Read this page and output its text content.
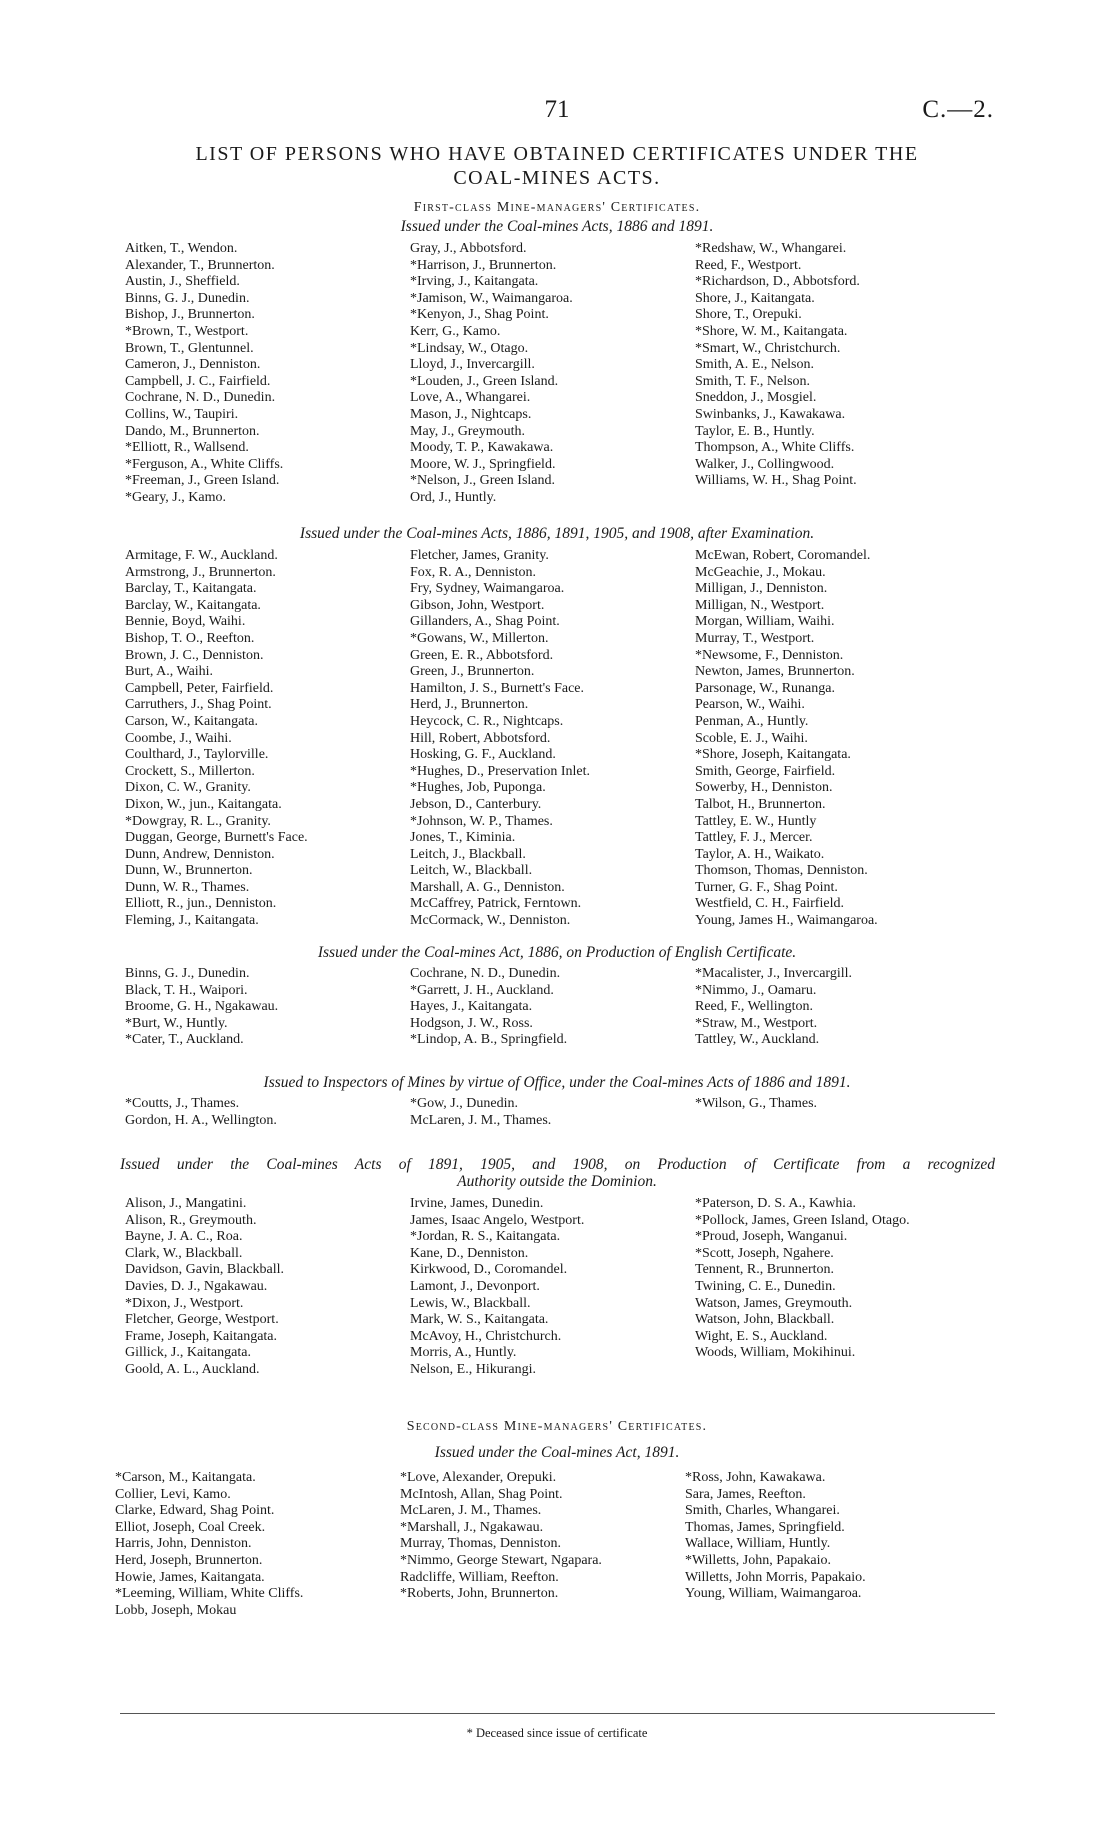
71	C.—2.
LIST OF PERSONS WHO HAVE OBTAINED CERTIFICATES UNDER THE
COAL-MINES ACTS.
First-class Mine-managers' Certificates.
Issued under the Coal-mines Acts, 1886 and 1891.
Aitken, T., Wendon.
Alexander, T., Brunnerton.
Austin, J., Sheffield.
Binns, G. J., Dunedin.
Bishop, J., Brunnerton.
*Brown, T., Westport.
Brown, T., Glentunnel.
Cameron, J., Denniston.
Campbell, J. C., Fairfield.
Cochrane, N. D., Dunedin.
Collins, W., Taupiri.
Dando, M., Brunnerton.
*Elliott, R., Wallsend.
*Ferguson, A., White Cliffs.
*Freeman, J., Green Island.
*Geary, J., Kamo.
Gray, J., Abbotsford.
*Harrison, J., Brunnerton.
*Irving, J., Kaitangata.
*Jamison, W., Waimangaroa.
*Kenyon, J., Shag Point.
Kerr, G., Kamo.
*Lindsay, W., Otago.
Lloyd, J., Invercargill.
*Louden, J., Green Island.
Love, A., Whangarei.
Mason, J., Nightcaps.
May, J., Greymouth.
Moody, T. P., Kawakawa.
Moore, W. J., Springfield.
*Nelson, J., Green Island.
Ord, J., Huntly.
*Redshaw, W., Whangarei.
Reed, F., Westport.
*Richardson, D., Abbotsford.
Shore, J., Kaitangata.
Shore, T., Orepuki.
*Shore, W. M., Kaitangata.
*Smart, W., Christchurch.
Smith, A. E., Nelson.
Smith, T. F., Nelson.
Sneddon, J., Mosgiel.
Swinbanks, J., Kawakawa.
Taylor, E. B., Huntly.
Thompson, A., White Cliffs.
Walker, J., Collingwood.
Williams, W. H., Shag Point.
Issued under the Coal-mines Acts, 1886, 1891, 1905, and 1908, after Examination.
Armitage, F. W., Auckland.
Armstrong, J., Brunnerton.
Barclay, T., Kaitangata.
Barclay, W., Kaitangata.
Bennie, Boyd, Waihi.
Bishop, T. O., Reefton.
Brown, J. C., Denniston.
Burt, A., Waihi.
Campbell, Peter, Fairfield.
Carruthers, J., Shag Point.
Carson, W., Kaitangata.
Coombe, J., Waihi.
Coulthard, J., Taylorville.
Crockett, S., Millerton.
Dixon, C. W., Granity.
Dixon, W., jun., Kaitangata.
*Dowgray, R. L., Granity.
Duggan, George, Burnett's Face.
Dunn, Andrew, Denniston.
Dunn, W., Brunnerton.
Dunn, W. R., Thames.
Elliott, R., jun., Denniston.
Fleming, J., Kaitangata.
Fletcher, James, Granity.
Fox, R. A., Denniston.
Fry, Sydney, Waimangaroa.
Gibson, John, Westport.
Gillanders, A., Shag Point.
*Gowans, W., Millerton.
Green, E. R., Abbotsford.
Green, J., Brunnerton.
Hamilton, J. S., Burnett's Face.
Herd, J., Brunnerton.
Heycock, C. R., Nightcaps.
Hill, Robert, Abbotsford.
Hosking, G. F., Auckland.
*Hughes, D., Preservation Inlet.
*Hughes, Job, Puponga.
Jebson, D., Canterbury.
*Johnson, W. P., Thames.
Jones, T., Kiminia.
Leitch, J., Blackball.
Leitch, W., Blackball.
Marshall, A. G., Denniston.
McCaffrey, Patrick, Ferntown.
McCormack, W., Denniston.
McEwan, Robert, Coromandel.
McGeachie, J., Mokau.
Milligan, J., Denniston.
Milligan, N., Westport.
Morgan, William, Waihi.
Murray, T., Westport.
*Newsome, F., Denniston.
Newton, James, Brunnerton.
Parsonage, W., Runanga.
Pearson, W., Waihi.
Penman, A., Huntly.
Scoble, E. J., Waihi.
*Shore, Joseph, Kaitangata.
Smith, George, Fairfield.
Sowerby, H., Denniston.
Talbot, H., Brunnerton.
Tattley, E. W., Huntly
Tattley, F. J., Mercer.
Taylor, A. H., Waikato.
Thomson, Thomas, Denniston.
Turner, G. F., Shag Point.
Westfield, C. H., Fairfield.
Young, James H., Waimangaroa.
Issued under the Coal-mines Act, 1886, on Production of English Certificate.
Binns, G. J., Dunedin.
Black, T. H., Waipori.
Broome, G. H., Ngakawau.
*Burt, W., Huntly.
*Cater, T., Auckland.
Cochrane, N. D., Dunedin.
*Garrett, J. H., Auckland.
Hayes, J., Kaitangata.
Hodgson, J. W., Ross.
*Lindop, A. B., Springfield.
*Macalister, J., Invercargill.
*Nimmo, J., Oamaru.
Reed, F., Wellington.
*Straw, M., Westport.
Tattley, W., Auckland.
Issued to Inspectors of Mines by virtue of Office, under the Coal-mines Acts of 1886 and 1891.
*Coutts, J., Thames.
Gordon, H. A., Wellington.
*Gow, J., Dunedin.
McLaren, J. M., Thames.
*Wilson, G., Thames.
Issued under the Coal-mines Acts of 1891, 1905, and 1908, on Production of Certificate from a recognized
Authority outside the Dominion.
Alison, J., Mangatini.
Alison, R., Greymouth.
Bayne, J. A. C., Roa.
Clark, W., Blackball.
Davidson, Gavin, Blackball.
Davies, D. J., Ngakawau.
*Dixon, J., Westport.
Fletcher, George, Westport.
Frame, Joseph, Kaitangata.
Gillick, J., Kaitangata.
Goold, A. L., Auckland.
Irvine, James, Dunedin.
James, Isaac Angelo, Westport.
*Jordan, R. S., Kaitangata.
Kane, D., Denniston.
Kirkwood, D., Coromandel.
Lamont, J., Devonport.
Lewis, W., Blackball.
Mark, W. S., Kaitangata.
McAvoy, H., Christchurch.
Morris, A., Huntly.
Nelson, E., Hikurangi.
*Paterson, D. S. A., Kawhia.
*Pollock, James, Green Island, Otago.
*Proud, Joseph, Wanganui.
*Scott, Joseph, Ngahere.
Tennent, R., Brunnerton.
Twining, C. E., Dunedin.
Watson, James, Greymouth.
Watson, John, Blackball.
Wight, E. S., Auckland.
Woods, William, Mokihinui.
Second-class Mine-managers' Certificates.
Issued under the Coal-mines Act, 1891.
*Carson, M., Kaitangata.
Collier, Levi, Kamo.
Clarke, Edward, Shag Point.
Elliot, Joseph, Coal Creek.
Harris, John, Denniston.
Herd, Joseph, Brunnerton.
Howie, James, Kaitangata.
*Leeming, William, White Cliffs.
Lobb, Joseph, Mokau
*Love, Alexander, Orepuki.
McIntosh, Allan, Shag Point.
McLaren, J. M., Thames.
*Marshall, J., Ngakawau.
Murray, Thomas, Denniston.
*Nimmo, George Stewart, Ngapara.
Radcliffe, William, Reefton.
*Roberts, John, Brunnerton.
*Ross, John, Kawakawa.
Sara, James, Reefton.
Smith, Charles, Whangarei.
Thomas, James, Springfield.
Wallace, William, Huntly.
*Willetts, John, Papakaio.
Willetts, John Morris, Papakaio.
Young, William, Waimangaroa.
* Deceased since issue of certificate
